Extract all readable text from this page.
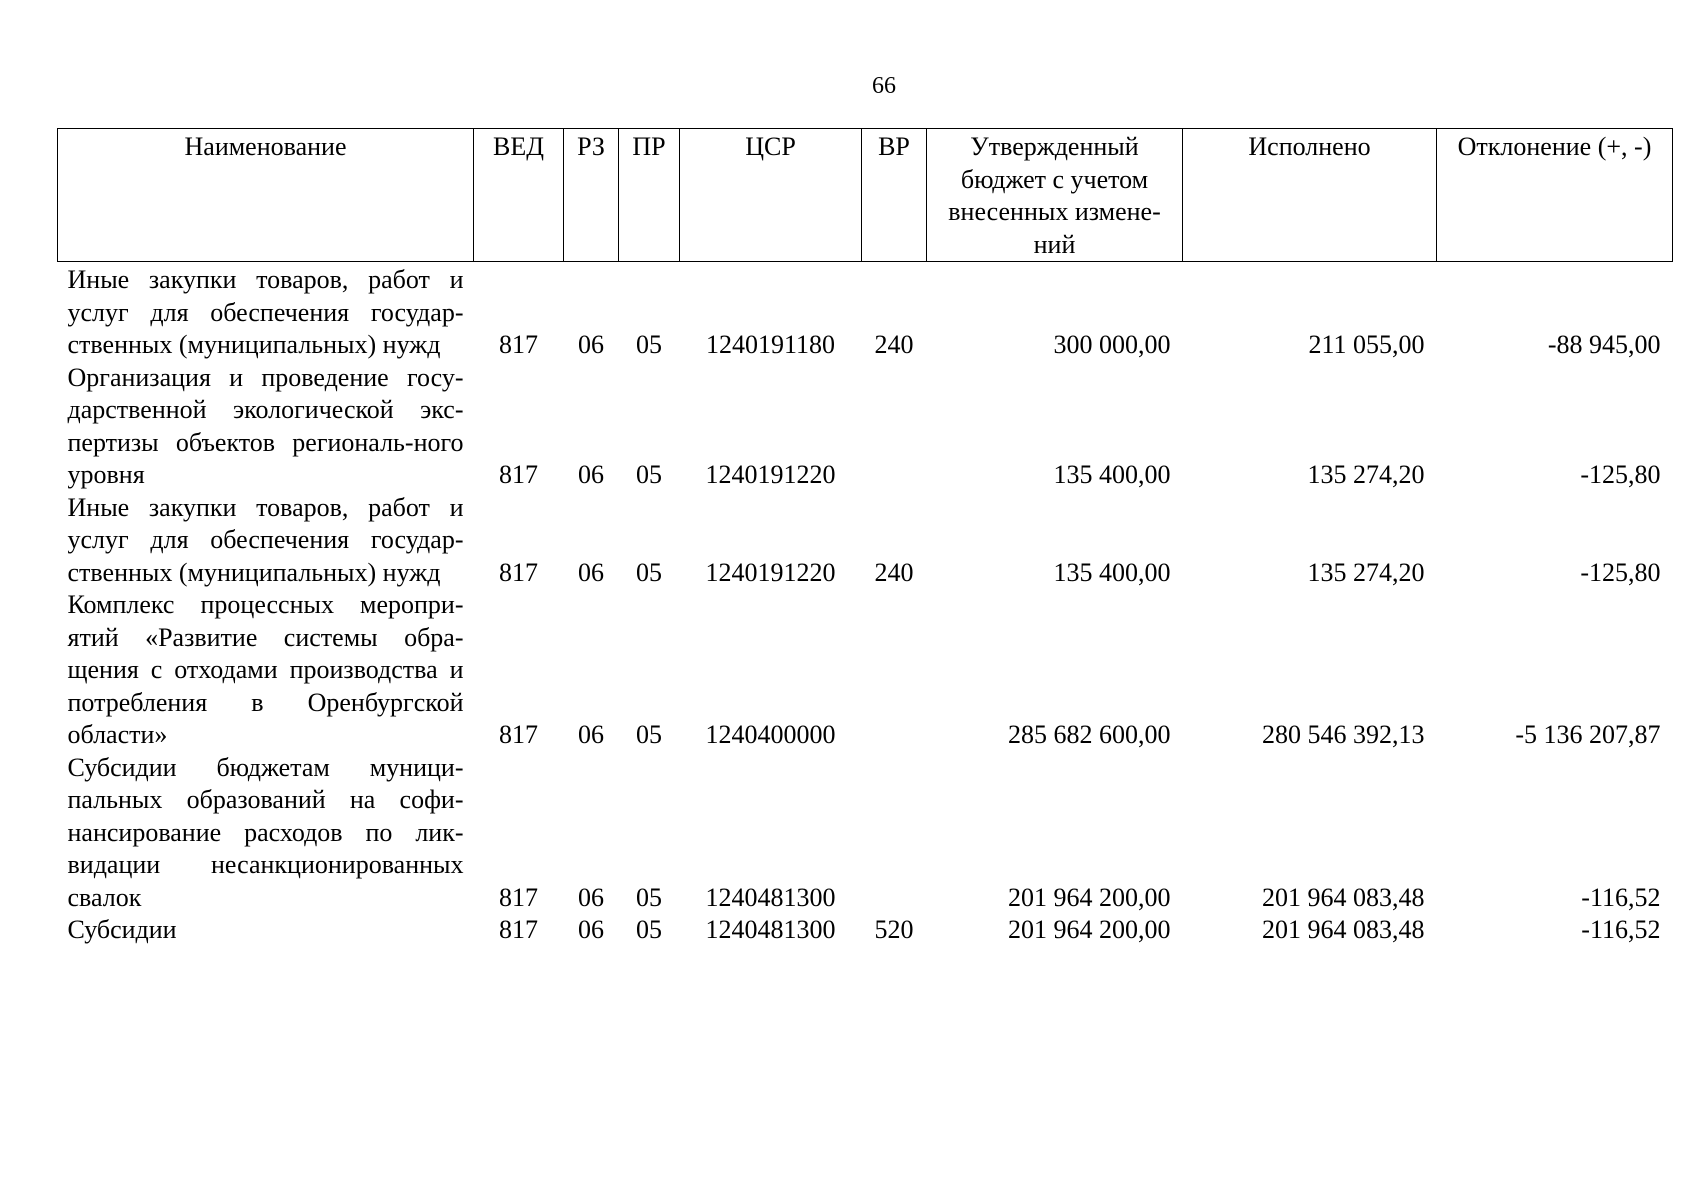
66
Наименование	ВЕД	РЗ	ПР	ЦСР	ВР	Утвержденный бюджет с учетом внесенных измене-ний	Исполнено	Отклонение (+, -)
Иные закупки товаров, работ и услуг для обеспечения государ-ственных (муниципальных) нужд	817	06	05	1240191180	240	300 000,00	211 055,00	-88 945,00
Организация и проведение госу-дарственной экологической экс-пертизы объектов региональ-ного уровня	817	06	05	1240191220		135 400,00	135 274,20	-125,80
Иные закупки товаров, работ и услуг для обеспечения государ-ственных (муниципальных) нужд	817	06	05	1240191220	240	135 400,00	135 274,20	-125,80
Комплекс процессных меропри-ятий «Развитие системы обра-щения с отходами производства и потребления в Оренбургской области»	817	06	05	1240400000		285 682 600,00	280 546 392,13	-5 136 207,87
Субсидии бюджетам муници-пальных образований на софи-нансирование расходов по лик-видации несанкционированных свалок	817	06	05	1240481300		201 964 200,00	201 964 083,48	-116,52
Субсидии	817	06	05	1240481300	520	201 964 200,00	201 964 083,48	-116,52
